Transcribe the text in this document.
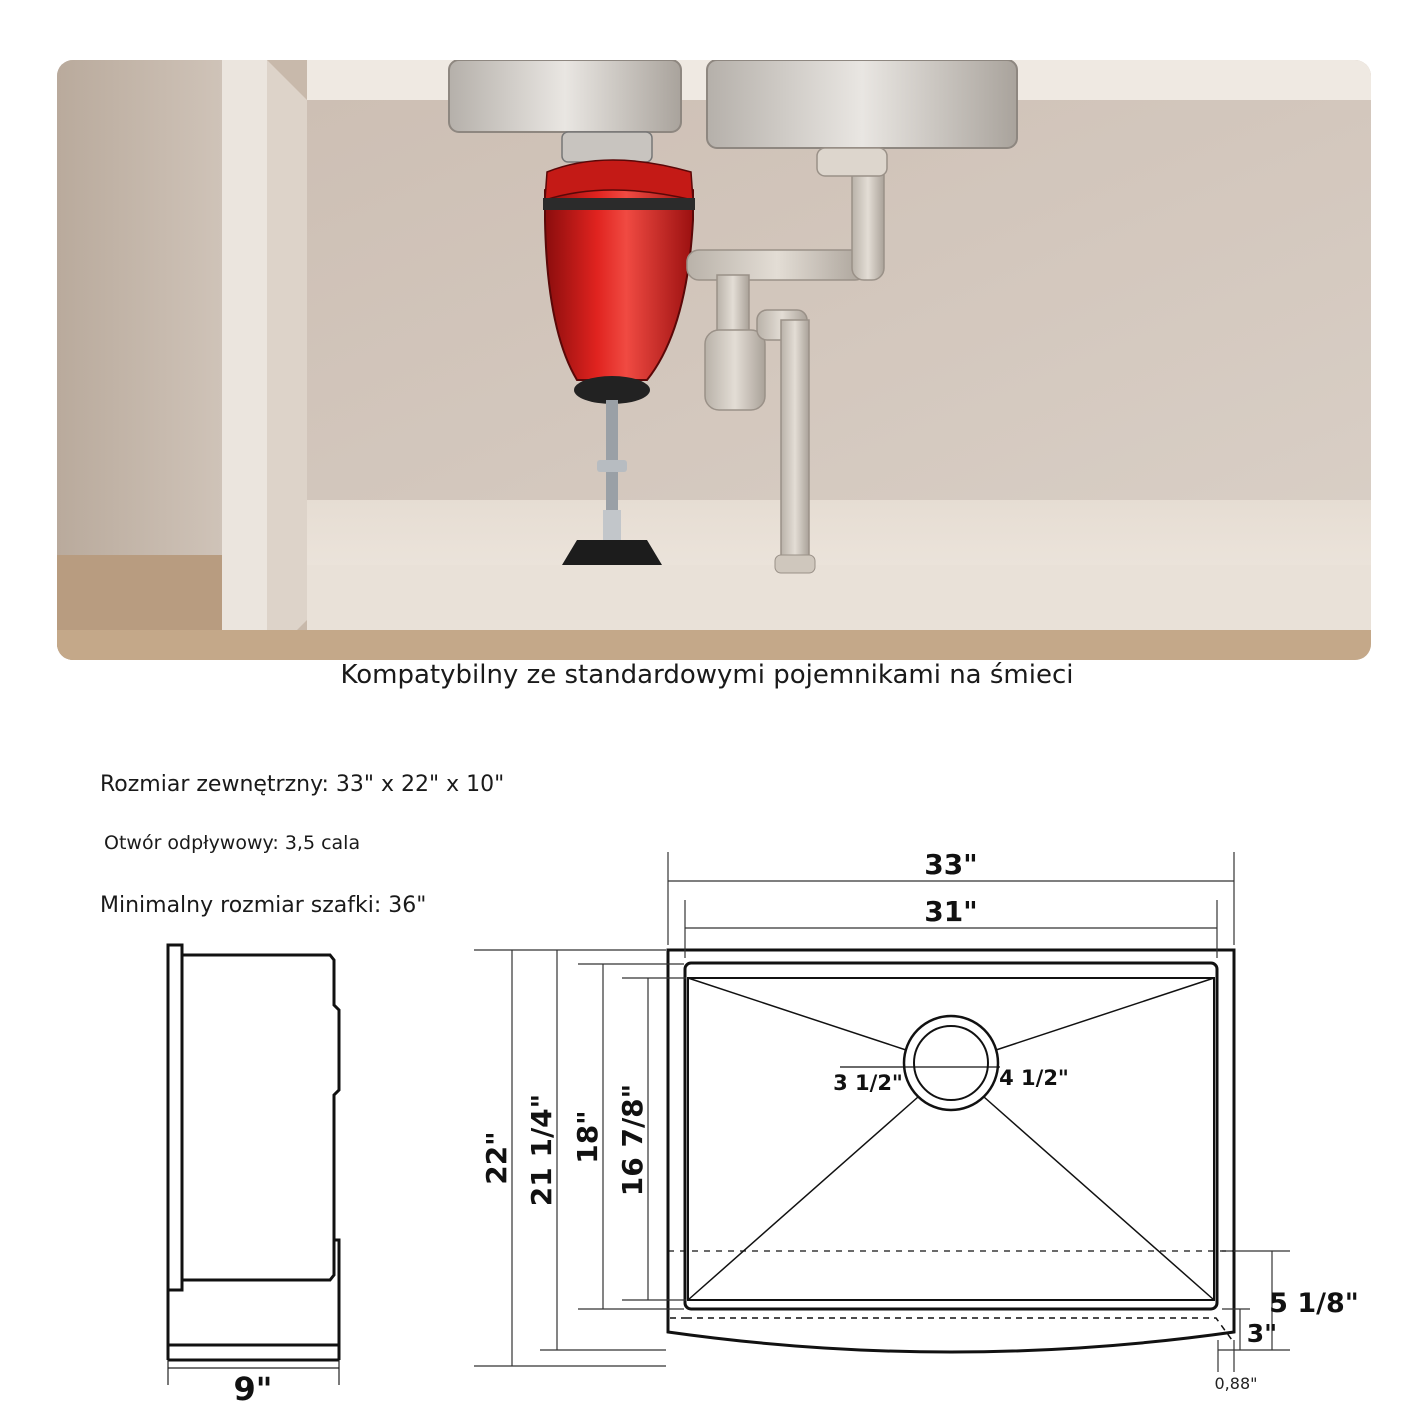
Kompatybilny ze standardowymi pojemnikami na śmieci
Rozmiar zewnętrzny: 33" x 22" x 10"
Otwór odpływowy: 3,5 cala
Minimalny rozmiar szafki: 36"
9"
3 1/2"	4 1/2"
33"
31"
22" 21 1/4" 18" 16 7/8"
5 1/8"
3"
0,88"
